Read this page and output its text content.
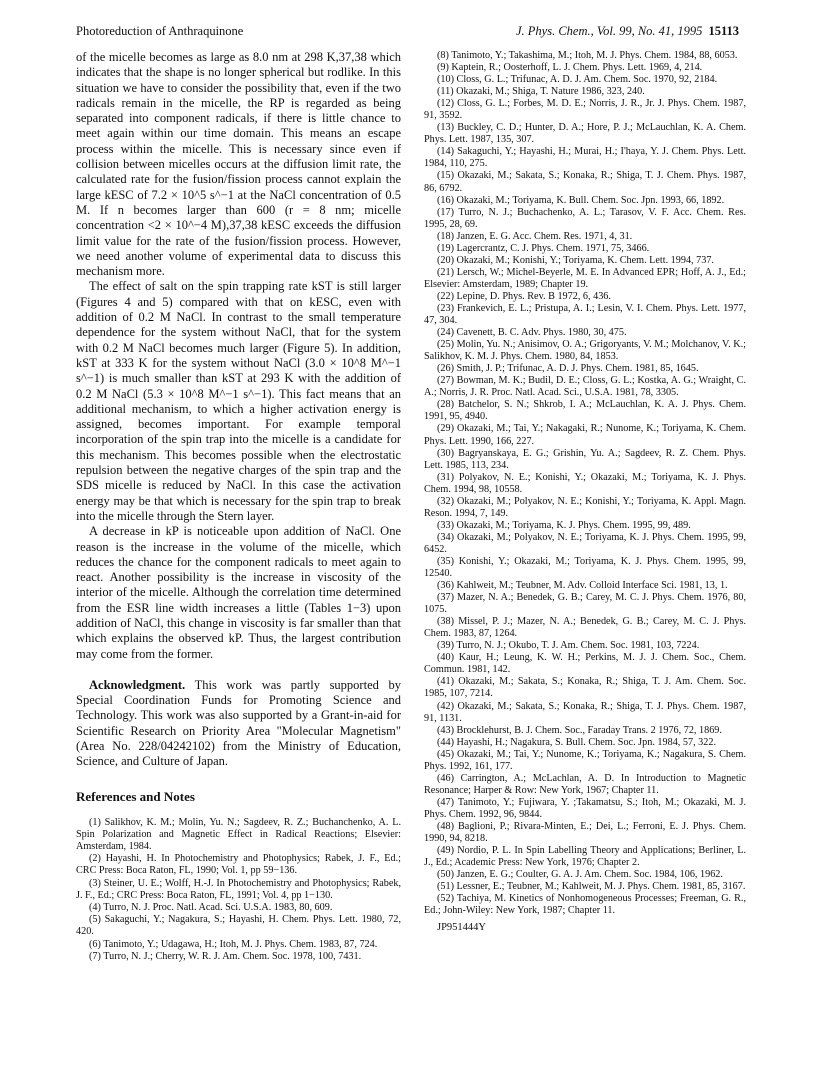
Photoreduction of Anthraquinone	J. Phys. Chem., Vol. 99, No. 41, 1995 15113

of the micelle becomes as large as 8.0 nm at 298 K,37,38 which indicates that the shape is no longer spherical but rodlike. In this situation we have to consider the possibility that, even if the two radicals remain in the micelle, the RP is regarded as being separated into component radicals, if there is little chance to meet again within our time domain. This means an escape process within the micelle. This is necessary since even if collision between micelles occurs at the diffusion limit rate, the calculated rate for the fusion/fission process cannot explain the large kESC of 7.2 × 10^5 s^−1 at the NaCl concentration of 0.5 M. If n becomes larger than 600 (r = 8 nm; micelle concentration <2 × 10^−4 M),37,38 kESC exceeds the diffusion limit value for the rate of the fusion/fission process. However, we need another volume of experimental data to discuss this mechanism more.

The effect of salt on the spin trapping rate kST is still larger (Figures 4 and 5) compared with that on kESC, even with addition of 0.2 M NaCl. In contrast to the small temperature dependence for the system without NaCl, that for the system with 0.2 M NaCl becomes much larger (Figure 5). In addition, kST at 333 K for the system without NaCl (3.0 × 10^8 M^−1 s^−1) is much smaller than kST at 293 K with the addition of 0.2 M NaCl (5.3 × 10^8 M^−1 s^−1). This fact means that an additional mechanism, to which a higher activation energy is assigned, becomes important. For example temporal incorporation of the spin trap into the micelle is a candidate for this mechanism. This becomes possible when the electrostatic repulsion between the negative charges of the spin trap and the SDS micelle is reduced by NaCl. In this case the activation energy may be that which is necessary for the spin trap to break into the micelle through the Stern layer.

A decrease in kP is noticeable upon addition of NaCl. One reason is the increase in the volume of the micelle, which reduces the chance for the component radicals to meet again to react. Another possibility is the increase in viscosity of the interior of the micelle. Although the correlation time determined from the ESR line width increases a little (Tables 1−3) upon addition of NaCl, this change in viscosity is far smaller than that which explains the observed kP. Thus, the largest contribution may come from the former.

Acknowledgment. This work was partly supported by Special Coordination Funds for Promoting Science and Technology. This work was also supported by a Grant-in-aid for Scientific Research on Priority Area "Molecular Magnetism" (Area No. 228/04242102) from the Ministry of Education, Science, and Culture of Japan.

References and Notes

(1) Salikhov, K. M.; Molin, Yu. N.; Sagdeev, R. Z.; Buchanchenko, A. L. Spin Polarization and Magnetic Effect in Radical Reactions; Elsevier: Amsterdam, 1984.

(2) Hayashi, H. In Photochemistry and Photophysics; Rabek, J. F., Ed.; CRC Press: Boca Raton, FL, 1990; Vol. 1, pp 59−136.

(3) Steiner, U. E.; Wolff, H.-J. In Photochemistry and Photophysics; Rabek, J. F., Ed.; CRC Press: Boca Raton, FL, 1991; Vol. 4, pp 1−130.

(4) Turro, N. J. Proc. Natl. Acad. Sci. U.S.A. 1983, 80, 609.

(5) Sakaguchi, Y.; Nagakura, S.; Hayashi, H. Chem. Phys. Lett. 1980, 72, 420.

(6) Tanimoto, Y.; Udagawa, H.; Itoh, M. J. Phys. Chem. 1983, 87, 724.

(7) Turro, N. J.; Cherry, W. R. J. Am. Chem. Soc. 1978, 100, 7431.

(8) Tanimoto, Y.; Takashima, M.; Itoh, M. J. Phys. Chem. 1984, 88, 6053.

(9) Kaptein, R.; Oosterhoff, L. J. Chem. Phys. Lett. 1969, 4, 214.

(10) Closs, G. L.; Trifunac, A. D. J. Am. Chem. Soc. 1970, 92, 2184.

(11) Okazaki, M.; Shiga, T. Nature 1986, 323, 240.

(12) Closs, G. L.; Forbes, M. D. E.; Norris, J. R., Jr. J. Phys. Chem. 1987, 91, 3592.

(13) Buckley, C. D.; Hunter, D. A.; Hore, P. J.; McLauchlan, K. A. Chem. Phys. Lett. 1987, 135, 307.

(14) Sakaguchi, Y.; Hayashi, H.; Murai, H.; I'haya, Y. J. Chem. Phys. Lett. 1984, 110, 275.

(15) Okazaki, M.; Sakata, S.; Konaka, R.; Shiga, T. J. Chem. Phys. 1987, 86, 6792.

(16) Okazaki, M.; Toriyama, K. Bull. Chem. Soc. Jpn. 1993, 66, 1892.

(17) Turro, N. J.; Buchachenko, A. L.; Tarasov, V. F. Acc. Chem. Res. 1995, 28, 69.

(18) Janzen, E. G. Acc. Chem. Res. 1971, 4, 31.

(19) Lagercrantz, C. J. Phys. Chem. 1971, 75, 3466.

(20) Okazaki, M.; Konishi, Y.; Toriyama, K. Chem. Lett. 1994, 737.

(21) Lersch, W.; Michel-Beyerle, M. E. In Advanced EPR; Hoff, A. J., Ed.; Elsevier: Amsterdam, 1989; Chapter 19.

(22) Lepine, D. Phys. Rev. B 1972, 6, 436.

(23) Frankevich, E. L.; Pristupa, A. I.; Lesin, V. I. Chem. Phys. Lett. 1977, 47, 304.

(24) Cavenett, B. C. Adv. Phys. 1980, 30, 475.

(25) Molin, Yu. N.; Anisimov, O. A.; Grigoryants, V. M.; Molchanov, V. K.; Salikhov, K. M. J. Phys. Chem. 1980, 84, 1853.

(26) Smith, J. P.; Trifunac, A. D. J. Phys. Chem. 1981, 85, 1645.

(27) Bowman, M. K.; Budil, D. E.; Closs, G. L.; Kostka, A. G.; Wraight, C. A.; Norris, J. R. Proc. Natl. Acad. Sci., U.S.A. 1981, 78, 3305.

(28) Batchelor, S. N.; Shkrob, I. A.; McLauchlan, K. A. J. Phys. Chem. 1991, 95, 4940.

(29) Okazaki, M.; Tai, Y.; Nakagaki, R.; Nunome, K.; Toriyama, K. Chem. Phys. Lett. 1990, 166, 227.

(30) Bagryanskaya, E. G.; Grishin, Yu. A.; Sagdeev, R. Z. Chem. Phys. Lett. 1985, 113, 234.

(31) Polyakov, N. E.; Konishi, Y.; Okazaki, M.; Toriyama, K. J. Phys. Chem. 1994, 98, 10558.

(32) Okazaki, M.; Polyakov, N. E.; Konishi, Y.; Toriyama, K. Appl. Magn. Reson. 1994, 7, 149.

(33) Okazaki, M.; Toriyama, K. J. Phys. Chem. 1995, 99, 489.

(34) Okazaki, M.; Polyakov, N. E.; Toriyama, K. J. Phys. Chem. 1995, 99, 6452.

(35) Konishi, Y.; Okazaki, M.; Toriyama, K. J. Phys. Chem. 1995, 99, 12540.

(36) Kahlweit, M.; Teubner, M. Adv. Colloid Interface Sci. 1981, 13, 1.

(37) Mazer, N. A.; Benedek, G. B.; Carey, M. C. J. Phys. Chem. 1976, 80, 1075.

(38) Missel, P. J.; Mazer, N. A.; Benedek, G. B.; Carey, M. C. J. Phys. Chem. 1983, 87, 1264.

(39) Turro, N. J.; Okubo, T. J. Am. Chem. Soc. 1981, 103, 7224.

(40) Kaur, H.; Leung, K. W. H.; Perkins, M. J. J. Chem. Soc., Chem. Commun. 1981, 142.

(41) Okazaki, M.; Sakata, S.; Konaka, R.; Shiga, T. J. Am. Chem. Soc. 1985, 107, 7214.

(42) Okazaki, M.; Sakata, S.; Konaka, R.; Shiga, T. J. Phys. Chem. 1987, 91, 1131.

(43) Brocklehurst, B. J. Chem. Soc., Faraday Trans. 2 1976, 72, 1869.

(44) Hayashi, H.; Nagakura, S. Bull. Chem. Soc. Jpn. 1984, 57, 322.

(45) Okazaki, M.; Tai, Y.; Nunome, K.; Toriyama, K.; Nagakura, S. Chem. Phys. 1992, 161, 177.

(46) Carrington, A.; McLachlan, A. D. In Introduction to Magnetic Resonance; Harper & Row: New York, 1967; Chapter 11.

(47) Tanimoto, Y.; Fujiwara, Y. ;Takamatsu, S.; Itoh, M.; Okazaki, M. J. Phys. Chem. 1992, 96, 9844.

(48) Baglioni, P.; Rivara-Minten, E.; Dei, L.; Ferroni, E. J. Phys. Chem. 1990, 94, 8218.

(49) Nordio, P. L. In Spin Labelling Theory and Applications; Berliner, L. J., Ed.; Academic Press: New York, 1976; Chapter 2.

(50) Janzen, E. G.; Coulter, G. A. J. Am. Chem. Soc. 1984, 106, 1962.

(51) Lessner, E.; Teubner, M.; Kahlweit, M. J. Phys. Chem. 1981, 85, 3167.

(52) Tachiya, M. Kinetics of Nonhomogeneous Processes; Freeman, G. R., Ed.; John-Wiley: New York, 1987; Chapter 11.

JP951444Y
